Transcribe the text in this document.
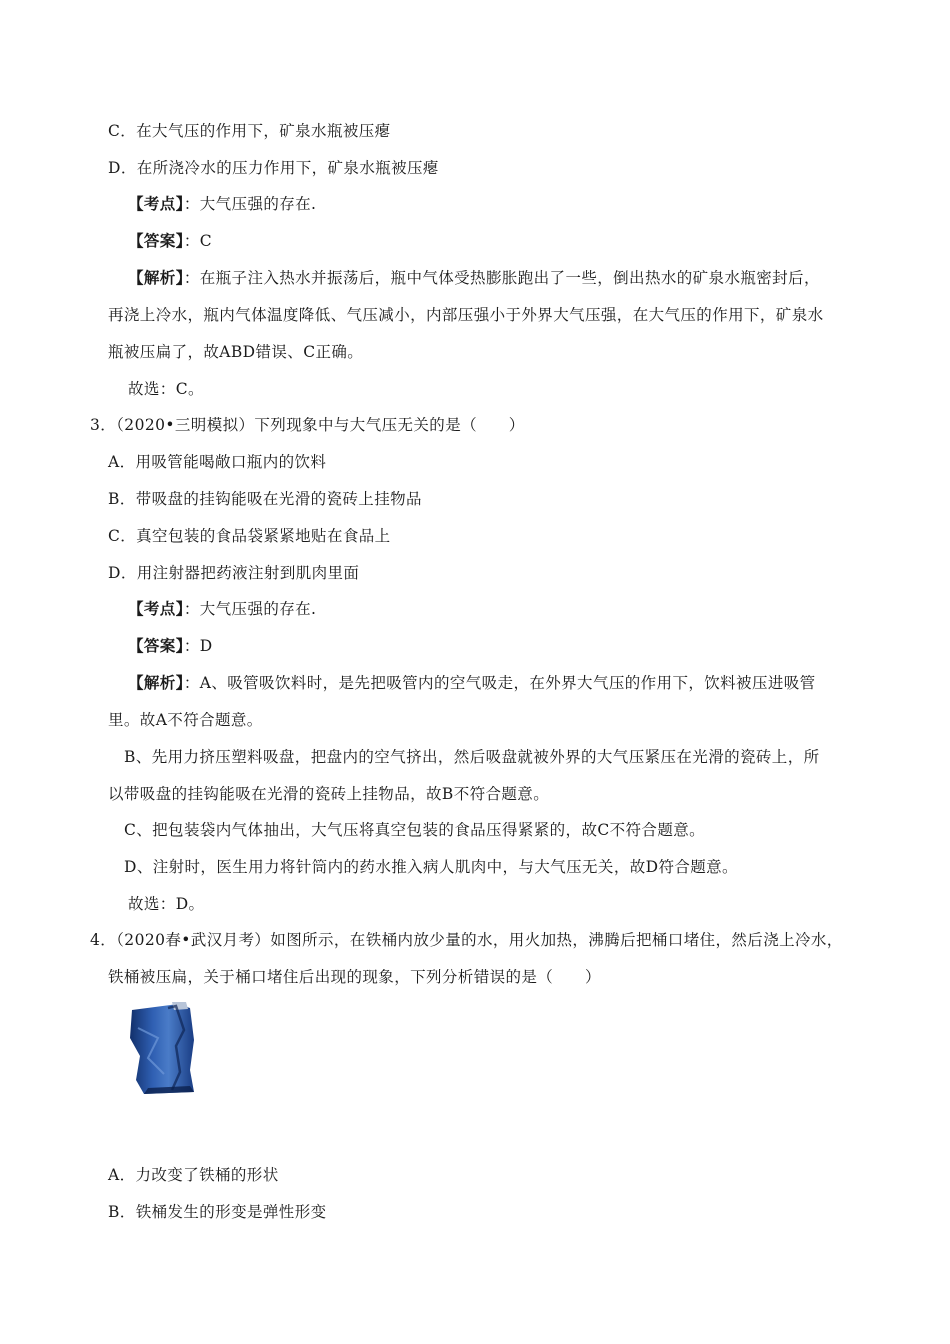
C．在大气压的作用下，矿泉水瓶被压瘪
D．在所浇冷水的压力作用下，矿泉水瓶被压瘪
【考点】：大气压强的存在.
【答案】：C
【解析】：在瓶子注入热水并振荡后，瓶中气体受热膨胀跑出了一些，倒出热水的矿泉水瓶密封后，
再浇上冷水，瓶内气体温度降低、气压减小，内部压强小于外界大气压强，在大气压的作用下，矿泉水
瓶被压扁了，故ABD错误、C正确。
故选：C。
3．（2020•三明模拟）下列现象中与大气压无关的是（　　）
A．用吸管能喝敞口瓶内的饮料
B．带吸盘的挂钩能吸在光滑的瓷砖上挂物品
C．真空包装的食品袋紧紧地贴在食品上
D．用注射器把药液注射到肌肉里面
【考点】：大气压强的存在.
【答案】：D
【解析】：A、吸管吸饮料时，是先把吸管内的空气吸走，在外界大气压的作用下，饮料被压进吸管
里。故A不符合题意。
B、先用力挤压塑料吸盘，把盘内的空气挤出，然后吸盘就被外界的大气压紧压在光滑的瓷砖上，所
以带吸盘的挂钩能吸在光滑的瓷砖上挂物品，故B不符合题意。
C、把包装袋内气体抽出，大气压将真空包装的食品压得紧紧的，故C不符合题意。
D、注射时，医生用力将针筒内的药水推入病人肌肉中，与大气压无关，故D符合题意。
故选：D。
4．（2020春•武汉月考）如图所示，在铁桶内放少量的水，用火加热，沸腾后把桶口堵住，然后浇上冷水，
铁桶被压扁，关于桶口堵住后出现的现象，下列分析错误的是（　　）
A．力改变了铁桶的形状
B．铁桶发生的形变是弹性形变
